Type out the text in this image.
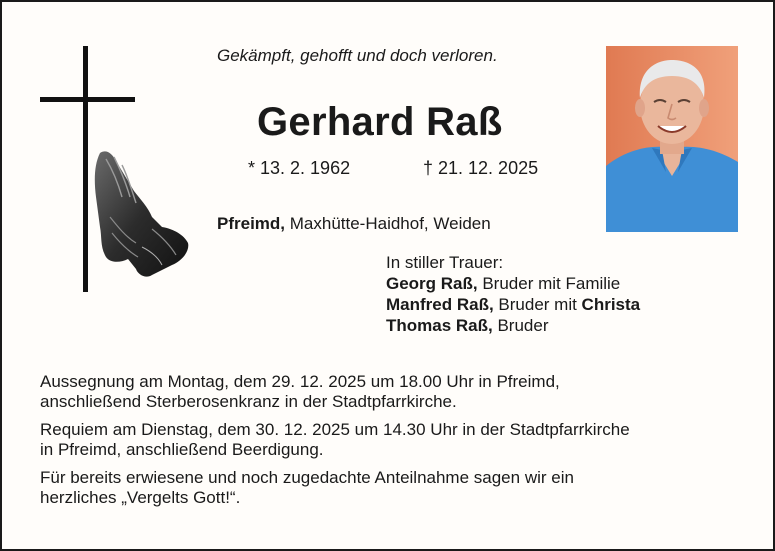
Gekämpft, gehofft und doch verloren.
Gerhard Raß
* 13. 2. 1962	† 21. 12. 2025
Pfreimd, Maxhütte-Haidhof, Weiden
In stiller Trauer:
Georg Raß, Bruder mit Familie
Manfred Raß, Bruder mit Christa
Thomas Raß, Bruder

Aussegnung am Montag, dem 29. 12. 2025 um 18.00 Uhr in Pfreimd,
anschließend Sterberosenkranz in der Stadtpfarrkirche.

Requiem am Dienstag, dem 30. 12. 2025 um 14.30 Uhr in der Stadtpfarrkirche
in Pfreimd, anschließend Beerdigung.

Für bereits erwiesene und noch zugedachte Anteilnahme sagen wir ein
herzliches „Vergelts Gott!“.
